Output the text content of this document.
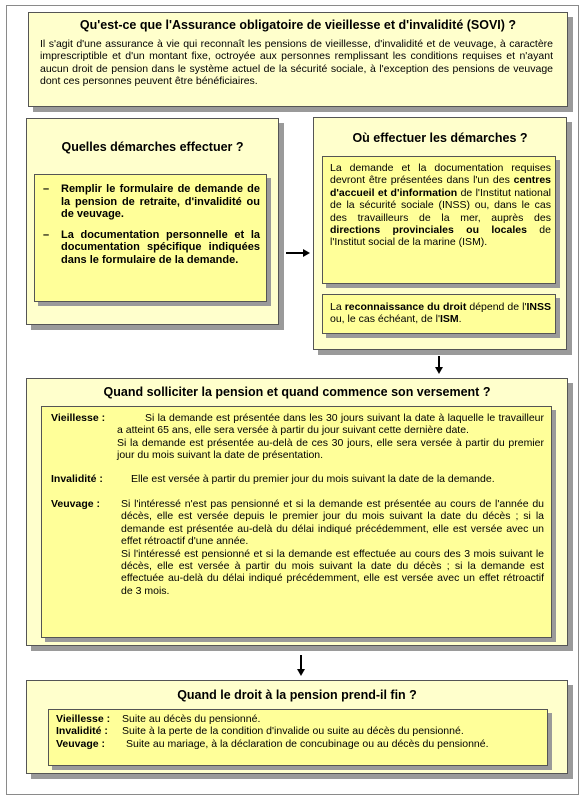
Qu'est-ce que l'Assurance obligatoire de vieillesse et d'invalidité (SOVI) ?

Il s'agit d'une assurance à vie qui reconnaît les pensions de vieillesse, d'invalidité et de veuvage, à caractère imprescriptible et d'un montant fixe, octroyée aux personnes remplissant les conditions requises et n'ayant aucun droit de pension dans le système actuel de la sécurité sociale, à l'exception des pensions de veuvage dont ces personnes peuvent être bénéficiaires.

Quelles démarches effectuer ?
– Remplir le formulaire de demande de la pension de retraite, d'invalidité ou de veuvage.
– La documentation personnelle et la documentation spécifique indiquées dans le formulaire de la demande.
Où effectuer les démarches ?

La demande et la documentation requises devront être présentées dans l'un des centres d'accueil et d'information de l'Institut national de la sécurité sociale (INSS) ou, dans le cas des travailleurs de la mer, auprès des directions provinciales ou locales de l'Institut social de la marine (ISM).

La reconnaissance du droit dépend de l'INSS ou, le cas échéant, de l'ISM.

Quand solliciter la pension et quand commence son versement ?
Vieillesse :	Si la demande est présentée dans les 30 jours suivant la date à laquelle le travailleur a atteint 65 ans, elle sera versée à partir du jour suivant cette dernière date.
Si la demande est présentée au-delà de ces 30 jours, elle sera versée à partir du premier jour du mois suivant la date de présentation.
Invalidité :	Elle est versée à partir du premier jour du mois suivant la date de la demande.
Veuvage :	Si l'intéressé n'est pas pensionné et si la demande est présentée au cours de l'année du décès, elle est versée depuis le premier jour du mois suivant la date du décès ; si la demande est présentée au-delà du délai indiqué précédemment, elle est versée avec un effet rétroactif d'une année.
Si l'intéressé est pensionné et si la demande est effectuée au cours des 3 mois suivant le décès, elle est versée à partir du mois suivant la date du décès ; si la demande est effectuée au-delà du délai indiqué précédemment, elle est versée avec un effet rétroactif de 3 mois.
Quand le droit à la pension prend-il fin ?
Vieillesse :	Suite au décès du pensionné.
Invalidité :	Suite à la perte de la condition d'invalide ou suite au décès du pensionné.
Veuvage :	Suite au mariage, à la déclaration de concubinage ou au décès du pensionné.
